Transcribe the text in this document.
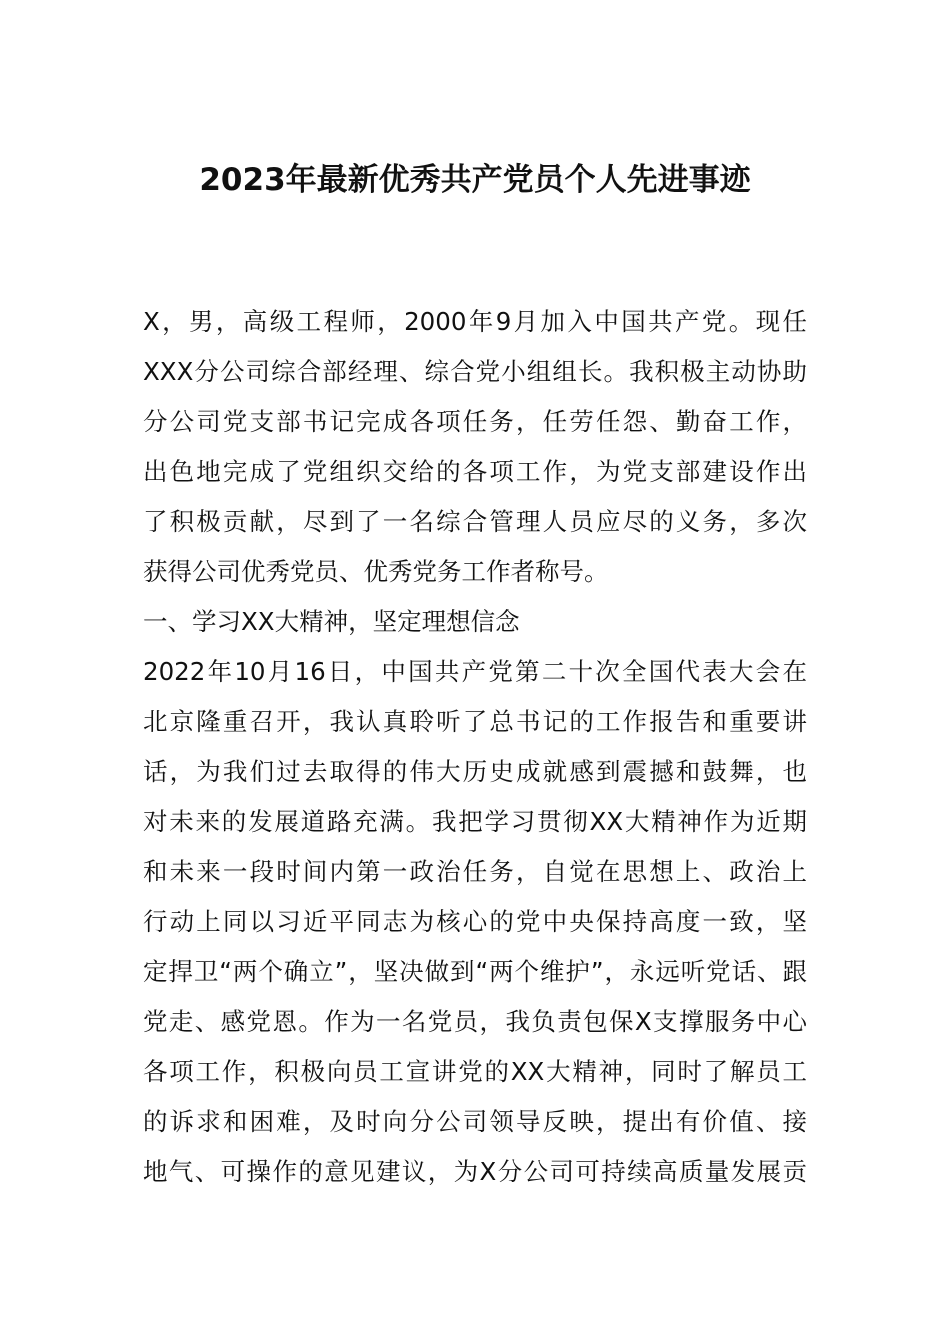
2023年最新优秀共产党员个人先进事迹
X，男，高级工程师，2000年9月加入中国共产党。现任
XXX分公司综合部经理、综合党小组组长。我积极主动协助
分公司党支部书记完成各项任务，任劳任怨、勤奋工作，
出色地完成了党组织交给的各项工作，为党支部建设作出
了积极贡献，尽到了一名综合管理人员应尽的义务，多次
获得公司优秀党员、优秀党务工作者称号。
一、学习XX大精神，坚定理想信念
2022年10月16日，中国共产党第二十次全国代表大会在
北京隆重召开，我认真聆听了总书记的工作报告和重要讲
话，为我们过去取得的伟大历史成就感到震撼和鼓舞，也
对未来的发展道路充满。我把学习贯彻XX大精神作为近期
和未来一段时间内第一政治任务，自觉在思想上、政治上
行动上同以习近平同志为核心的党中央保持高度一致，坚
定捍卫“两个确立”，坚决做到“两个维护”，永远听党话、跟
党走、感党恩。作为一名党员，我负责包保X支撑服务中心
各项工作，积极向员工宣讲党的XX大精神，同时了解员工
的诉求和困难，及时向分公司领导反映，提出有价值、接
地气、可操作的意见建议，为X分公司可持续高质量发展贡
